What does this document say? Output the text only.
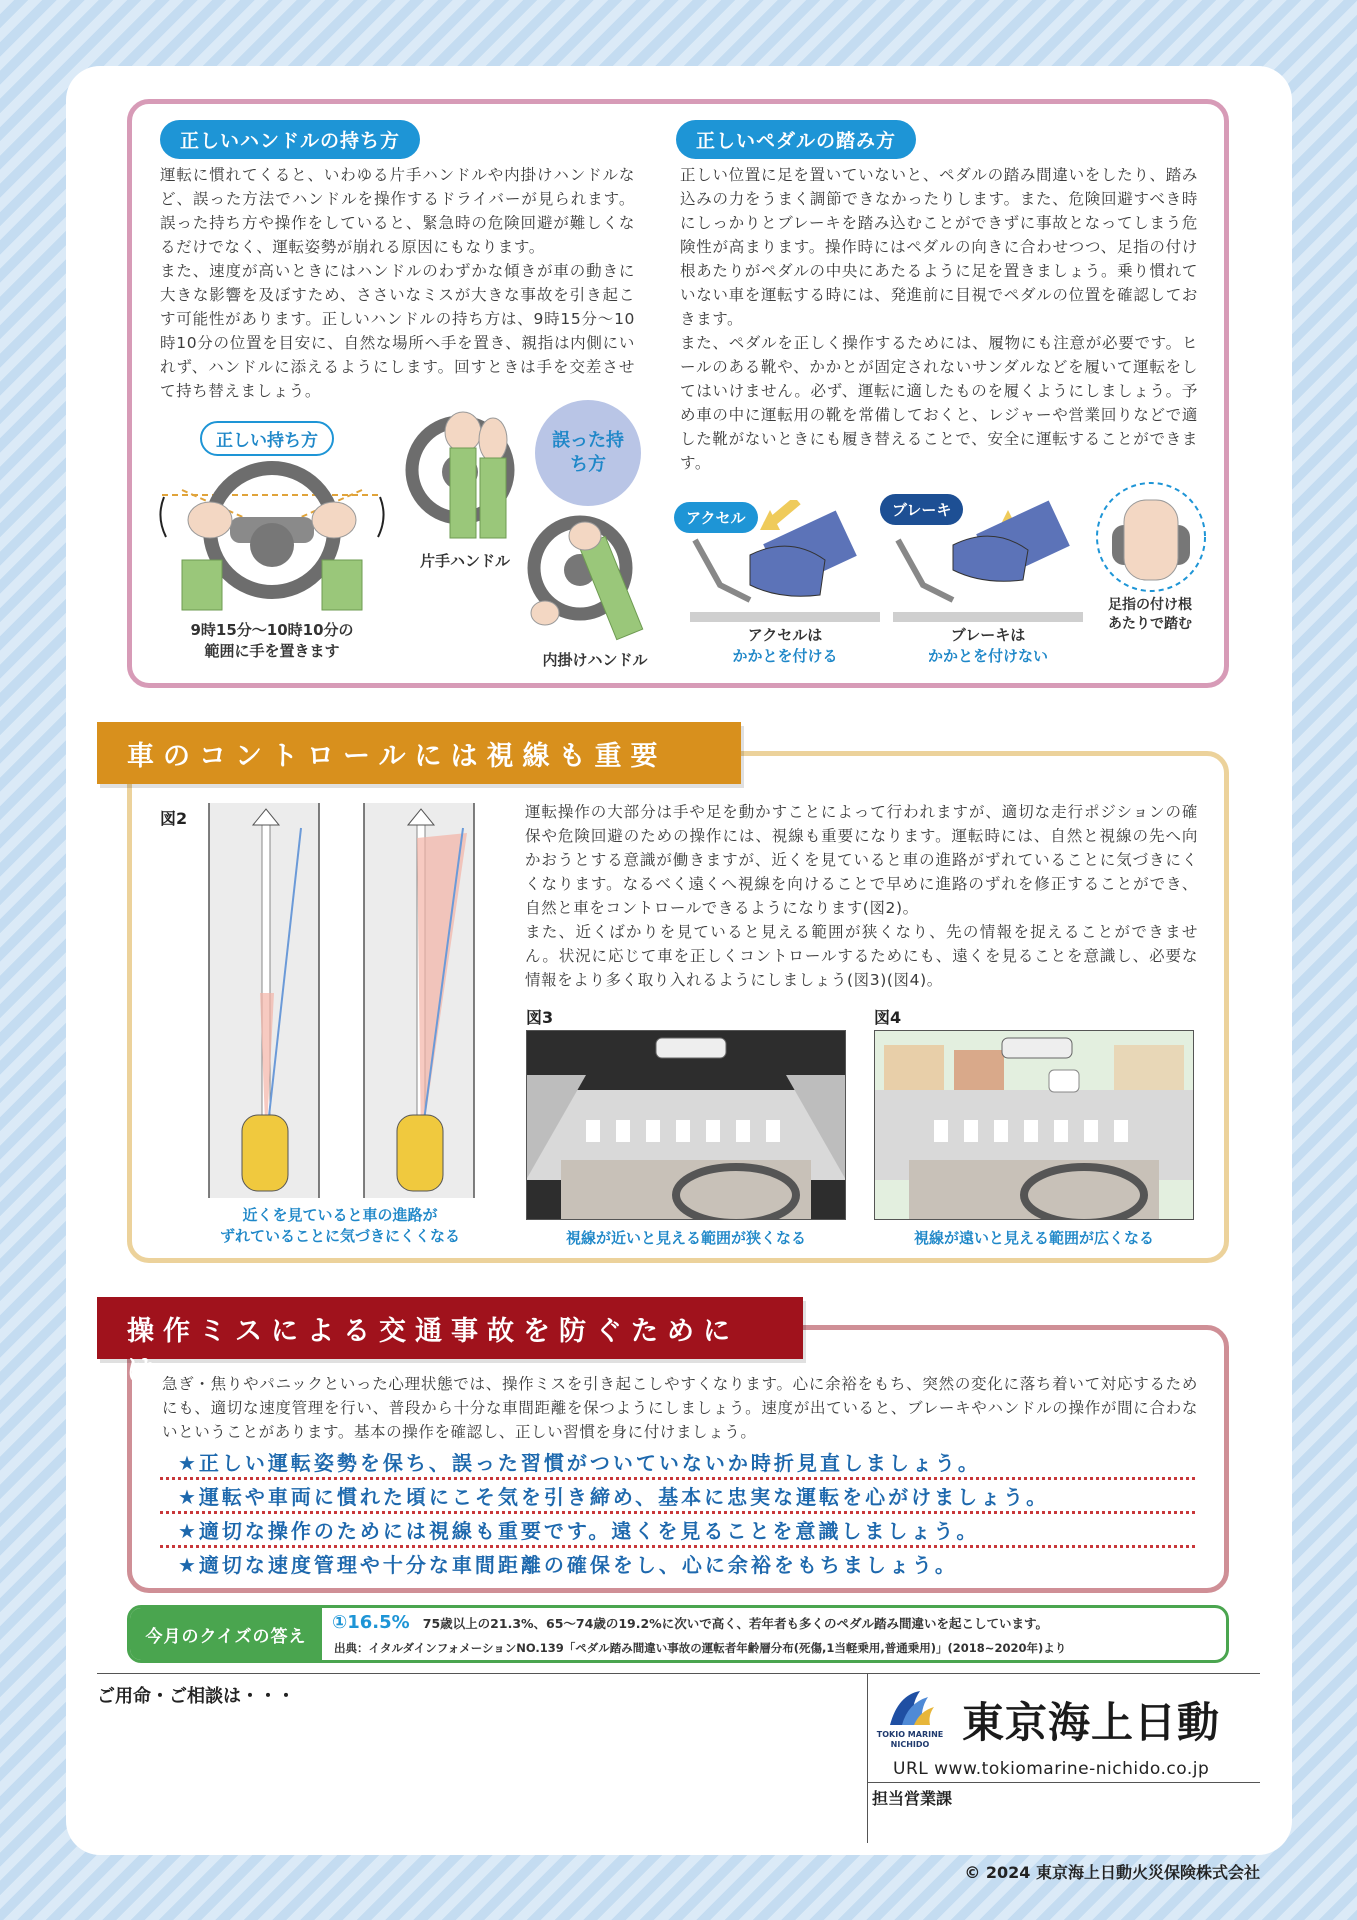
正しいハンドルの持ち方
運転に慣れてくると、いわゆる片手ハンドルや内掛けハンドルなど、誤った方法でハンドルを操作するドライバーが見られます。誤った持ち方や操作をしていると、緊急時の危険回避が難しくなるだけでなく、運転姿勢が崩れる原因にもなります。
また、速度が高いときにはハンドルのわずかな傾きが車の動きに大きな影響を及ぼすため、ささいなミスが大きな事故を引き起こす可能性があります。正しいハンドルの持ち方は、9時15分～10時10分の位置を目安に、自然な場所へ手を置き、親指は内側にいれず、ハンドルに添えるようにします。回すときは手を交差させて持ち替えましょう。
正しいペダルの踏み方
正しい位置に足を置いていないと、ペダルの踏み間違いをしたり、踏み込みの力をうまく調節できなかったりします。また、危険回避すべき時にしっかりとブレーキを踏み込むことができずに事故となってしまう危険性が高まります。操作時にはペダルの向きに合わせつつ、足指の付け根あたりがペダルの中央にあたるように足を置きましょう。乗り慣れていない車を運転する時には、発進前に目視でペダルの位置を確認しておきます。
また、ペダルを正しく操作するためには、履物にも注意が必要です。ヒールのある靴や、かかとが固定されないサンダルなどを履いて運転をしてはいけません。必ず、運転に適したものを履くようにしましょう。予め車の中に運転用の靴を常備しておくと、レジャーや営業回りなどで適した靴がないときにも履き替えることで、安全に運転することができます。
正しい持ち方
9時15分～10時10分の
範囲に手を置きます
片手ハンドル
誤った持ち方
内掛けハンドル
アクセル
アクセルは
かかとを付ける
ブレーキ
ブレーキは
かかとを付けない
足指の付け根
あたりで踏む
車のコントロールには視線も重要
図2
近くを見ていると車の進路が
ずれていることに気づきにくくなる
運転操作の大部分は手や足を動かすことによって行われますが、適切な走行ポジションの確保や危険回避のための操作には、視線も重要になります。運転時には、自然と視線の先へ向かおうとする意識が働きますが、近くを見ていると車の進路がずれていることに気づきにくくなります。なるべく遠くへ視線を向けることで早めに進路のずれを修正することができ、自然と車をコントロールできるようになります(図2)。
また、近くばかりを見ていると見える範囲が狭くなり、先の情報を捉えることができません。状況に応じて車を正しくコントロールするためにも、遠くを見ることを意識し、必要な情報をより多く取り入れるようにしましょう(図3)(図4)。
図3
視線が近いと見える範囲が狭くなる
図4
視線が遠いと見える範囲が広くなる
操作ミスによる交通事故を防ぐためには 急ぎ・焦りやパニックといった心理状態では、操作ミスを引き起こしやすくなります。心に余裕をもち、突然の変化に落ち着いて対応するためにも、適切な速度管理を行い、普段から十分な車間距離を保つようにしましょう。速度が出ていると、ブレーキやハンドルの操作が間に合わないということがあります。基本の操作を確認し、正しい習慣を身に付けましょう。
★正しい運転姿勢を保ち、誤った習慣がついていないか時折見直しましょう。
★運転や車両に慣れた頃にこそ気を引き締め、基本に忠実な運転を心がけましょう。
★適切な操作のためには視線も重要です。遠くを見ることを意識しましょう。
★適切な速度管理や十分な車間距離の確保をし、心に余裕をもちましょう。
今月のクイズの答え
①16.5% 75歳以上の21.3%、65～74歳の19.2%に次いで高く、若年者も多くのペダル踏み間違いを起こしています。
出典：イタルダインフォメーションNO.139「ペダル踏み間違い事故の運転者年齢層分布(死傷,1当軽乗用,普通乗用)」(2018~2020年)より
ご用命・ご相談は・・・
TOKIO MARINE
NICHIDO 東京海上日動
URL www.tokiomarine-nichido.co.jp
担当営業課
© 2024 東京海上日動火災保険株式会社
